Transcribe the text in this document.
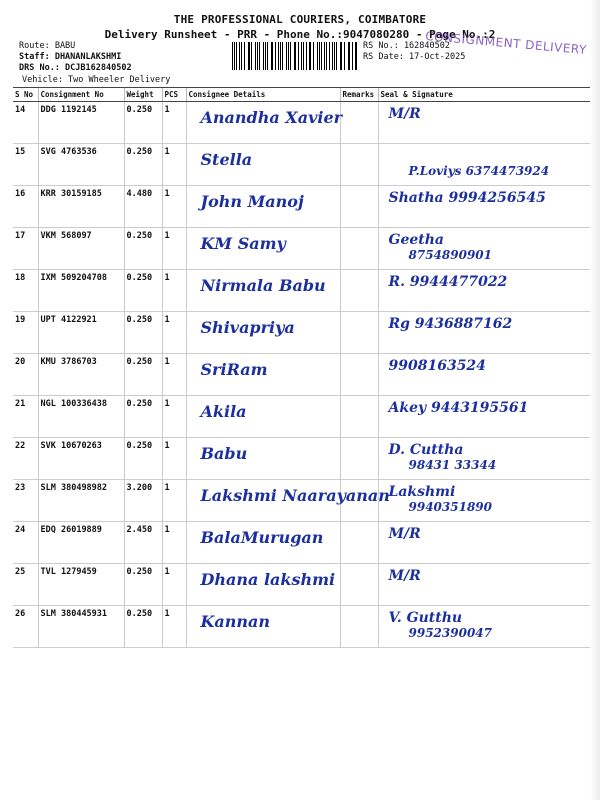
THE PROFESSIONAL COURIERS, COIMBATORE
Delivery Runsheet - PRR - Phone No.:9047080280 - Page No.:2
Route: BABU
Staff: DHANANLAKSHMI
DRS No.: DCJB162840502
RS No.: 162840502
RS Date: 17-Oct-2025
CONSIGNMENT DELIVERY
Vehicle: Two Wheeler Delivery
S No	Consignment No	Weight	PCS	Consignee Details	Remarks	Seal & Signature
14	DDG 1192145	0.250	1	Anandha Xavier		M/R

15	SVG 4763536	0.250	1	Stella		P.Loviys 6374473924

16	KRR 30159185	4.480	1	John Manoj		Shatha 9994256545

17	VKM 568097	0.250	1	KM Samy		Geetha
8754890901

18	IXM 509204708	0.250	1	Nirmala Babu		R. 9944477022

19	UPT 4122921	0.250	1	Shivapriya		Rg 9436887162

20	KMU 3786703	0.250	1	SriRam		9908163524

21	NGL 100336438	0.250	1	Akila		Akey 9443195561

22	SVK 10670263	0.250	1	Babu		D. Cuttha
98431 33344

23	SLM 380498982	3.200	1	Lakshmi Naarayanan		Lakshmi
9940351890

24	EDQ 26019889	2.450	1	BalaMurugan		M/R

25	TVL 1279459	0.250	1	Dhana lakshmi		M/R

26	SLM 380445931	0.250	1	Kannan		V. Gutthu
9952390047
